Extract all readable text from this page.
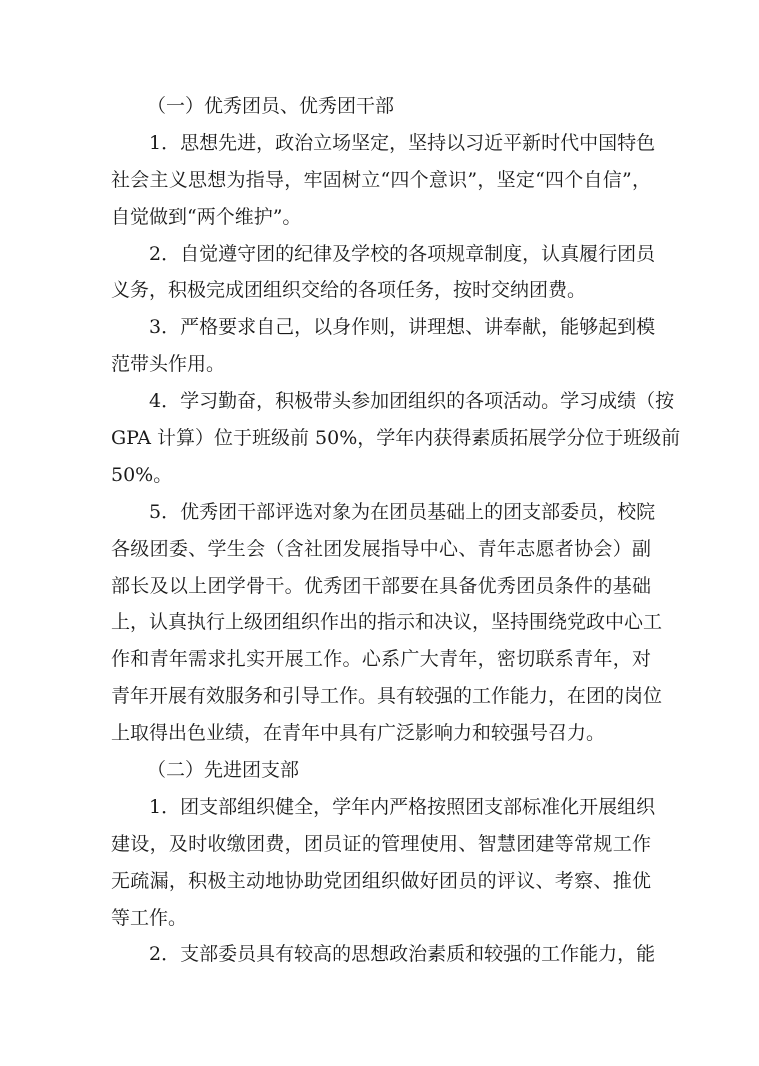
（一）优秀团员、优秀团干部
1．思想先进，政治立场坚定，坚持以习近平新时代中国特色
社会主义思想为指导，牢固树立“四个意识”，坚定“四个自信”，
自觉做到“两个维护”。
2．自觉遵守团的纪律及学校的各项规章制度，认真履行团员
义务，积极完成团组织交给的各项任务，按时交纳团费。
3．严格要求自己，以身作则，讲理想、讲奉献，能够起到模
范带头作用。
4．学习勤奋，积极带头参加团组织的各项活动。学习成绩（按
GPA 计算）位于班级前 50%，学年内获得素质拓展学分位于班级前
50%。
5．优秀团干部评选对象为在团员基础上的团支部委员，校院
各级团委、学生会（含社团发展指导中心、青年志愿者协会）副
部长及以上团学骨干。优秀团干部要在具备优秀团员条件的基础
上，认真执行上级团组织作出的指示和决议，坚持围绕党政中心工
作和青年需求扎实开展工作。心系广大青年，密切联系青年，对
青年开展有效服务和引导工作。具有较强的工作能力，在团的岗位
上取得出色业绩，在青年中具有广泛影响力和较强号召力。
（二）先进团支部
1．团支部组织健全，学年内严格按照团支部标准化开展组织
建设，及时收缴团费，团员证的管理使用、智慧团建等常规工作
无疏漏，积极主动地协助党团组织做好团员的评议、考察、推优
等工作。
2．支部委员具有较高的思想政治素质和较强的工作能力，能
